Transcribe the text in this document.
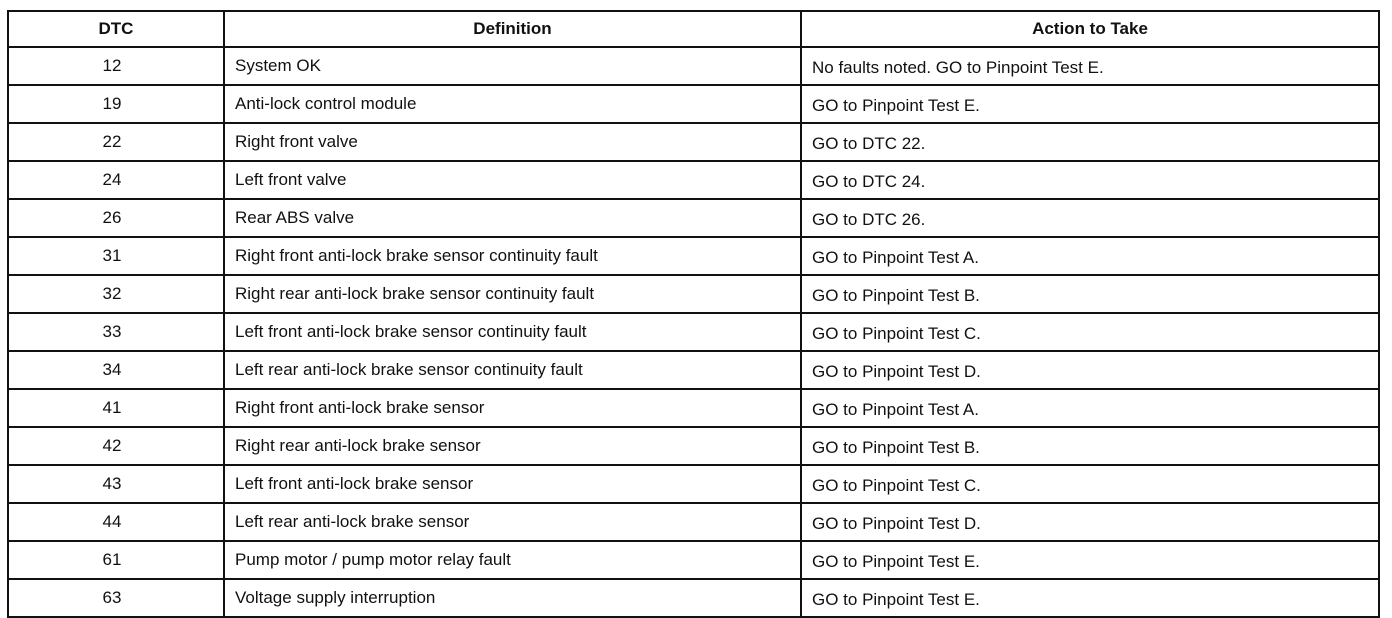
DTC	Definition	Action to Take
12	System OK	No faults noted. GO to Pinpoint Test E.
19	Anti-lock control module	GO to Pinpoint Test E.
22	Right front valve	GO to DTC 22.
24	Left front valve	GO to DTC 24.
26	Rear ABS valve	GO to DTC 26.
31	Right front anti-lock brake sensor continuity fault	GO to Pinpoint Test A.
32	Right rear anti-lock brake sensor continuity fault	GO to Pinpoint Test B.
33	Left front anti-lock brake sensor continuity fault	GO to Pinpoint Test C.
34	Left rear anti-lock brake sensor continuity fault	GO to Pinpoint Test D.
41	Right front anti-lock brake sensor	GO to Pinpoint Test A.
42	Right rear anti-lock brake sensor	GO to Pinpoint Test B.
43	Left front anti-lock brake sensor	GO to Pinpoint Test C.
44	Left rear anti-lock brake sensor	GO to Pinpoint Test D.
61	Pump motor / pump motor relay fault	GO to Pinpoint Test E.
63	Voltage supply interruption	GO to Pinpoint Test E.
